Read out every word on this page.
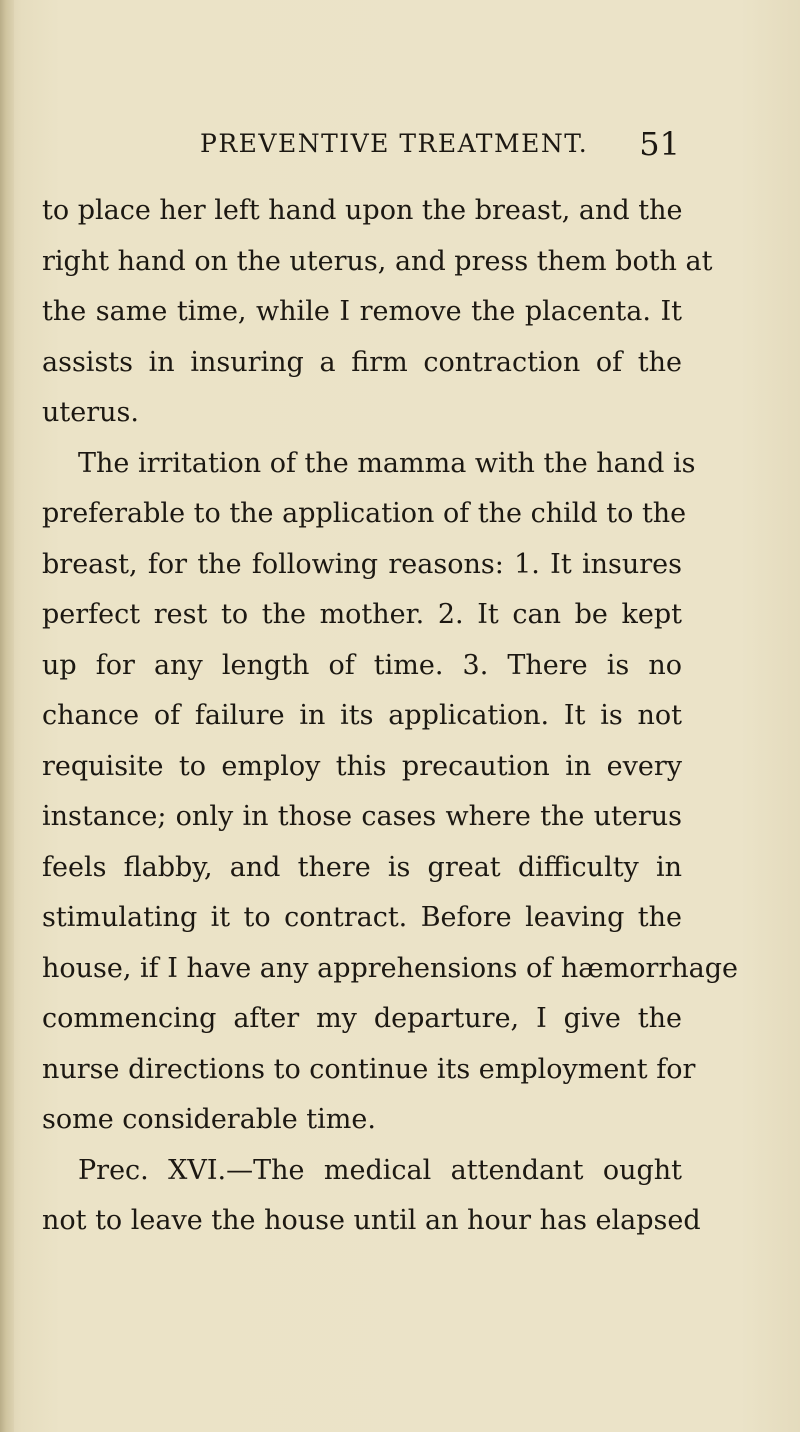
PREVENTIVE TREATMENT. 51
to place her left hand upon the breast, and the
right hand on the uterus, and press them both at
the same time, while I remove the placenta. It
assists in insuring a firm contraction of the
uterus.
The irritation of the mamma with the hand is
preferable to the application of the child to the
breast, for the following reasons: 1. It insures
perfect rest to the mother. 2. It can be kept
up for any length of time. 3. There is no
chance of failure in its application. It is not
requisite to employ this precaution in every
instance; only in those cases where the uterus
feels flabby, and there is great difficulty in
stimulating it to contract. Before leaving the
house, if I have any apprehensions of hæmorrhage
commencing after my departure, I give the
nurse directions to continue its employment for
some considerable time.
Prec. XVI.—The medical attendant ought
not to leave the house until an hour has elapsed
